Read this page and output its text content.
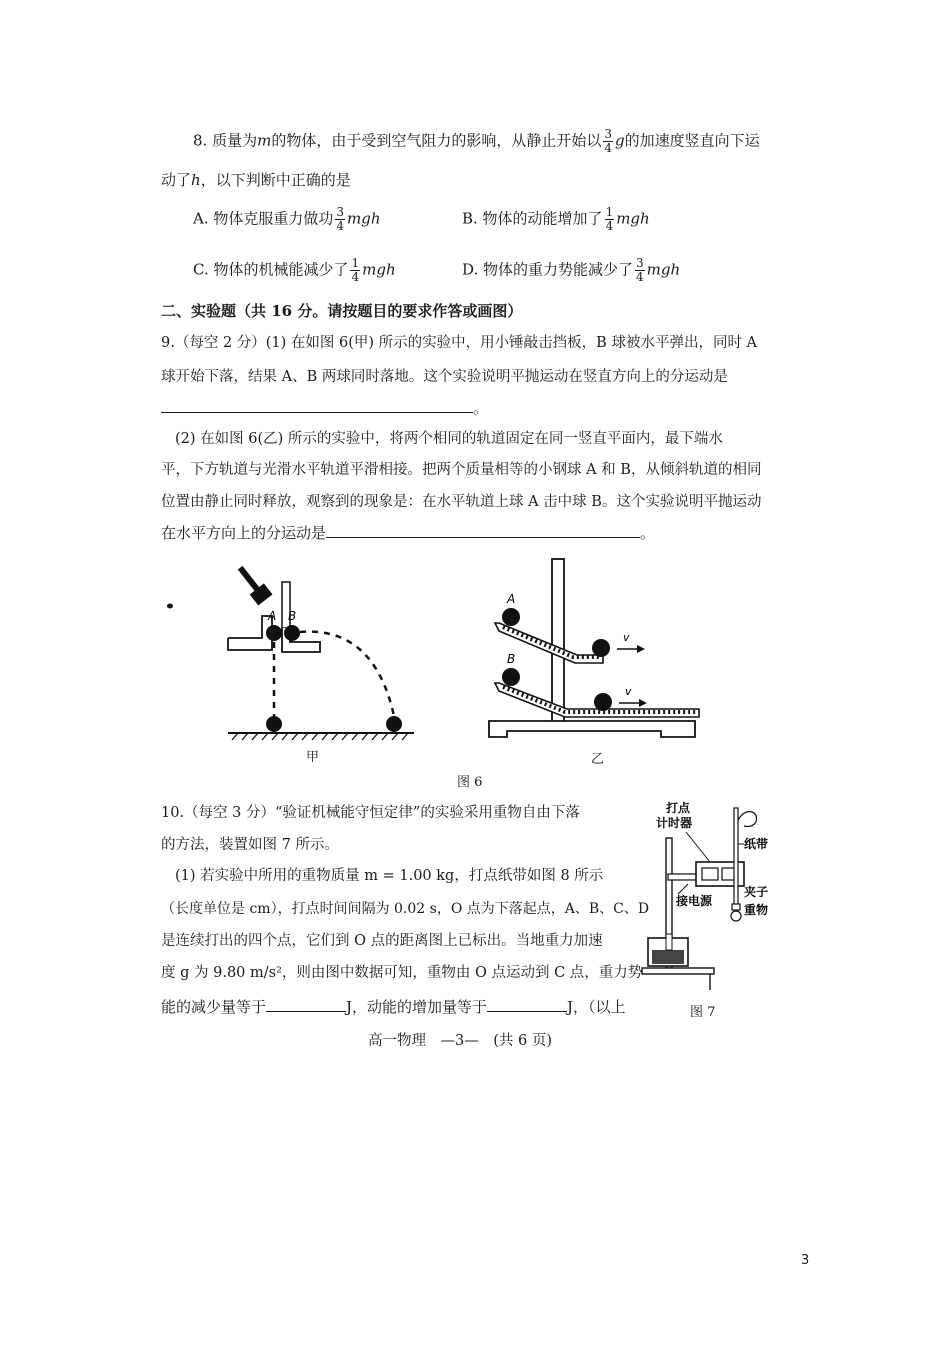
8. 质量为m的物体，由于受到空气阻力的影响，从静止开始以 $\frac{3}{4}$ g的加速度竖直向下运
动了h，以下判断中正确的是
A. 物体克服重力做功 $\frac{3}{4}$ mgh	B. 物体的动能增加了 $\frac{1}{4}$ mgh
C. 物体的机械能减少了 $\frac{1}{4}$ mgh	D. 物体的重力势能减少了 $\frac{3}{4}$ mgh
二、实验题（共 16 分。请按题目的要求作答或画图）
9.（每空 2 分）(1) 在如图 6(甲) 所示的实验中，用小锤敲击挡板，B 球被水平弹出，同时 A
球开始下落，结果 A、B 两球同时落地。这个实验说明平抛运动在竖直方向上的分运动是
。
(2) 在如图 6(乙) 所示的实验中，将两个相同的轨道固定在同一竖直平面内，最下端水
平，下方轨道与光滑水平轨道平滑相接。把两个质量相等的小钢球 A 和 B，从倾斜轨道的相同
位置由静止同时释放，观察到的现象是：在水平轨道上球 A 击中球 B。这个实验说明平抛运动
在水平方向上的分运动是	。
A B
甲
A
B
v
v
乙
图 6
10.（每空 3 分）“验证机械能守恒定律”的实验采用重物自由下落
的方法，装置如图 7 所示。
(1) 若实验中所用的重物质量 m = 1.00 kg，打点纸带如图 8 所示
（长度单位是 cm），打点时间间隔为 0.02 s，O 点为下落起点，A、B、C、D
是连续打出的四个点，它们到 O 点的距离图上已标出。当地重力加速
度 g 为 9.80 m/s²，则由图中数据可知，重物由 O 点运动到 C 点，重力势
能的减少量等于	J，动能的增加量等于	J，（以上
打点
计时器
纸带
接电源
夹子
重物
图 7
高一物理　—3—　(共 6 页)
3
